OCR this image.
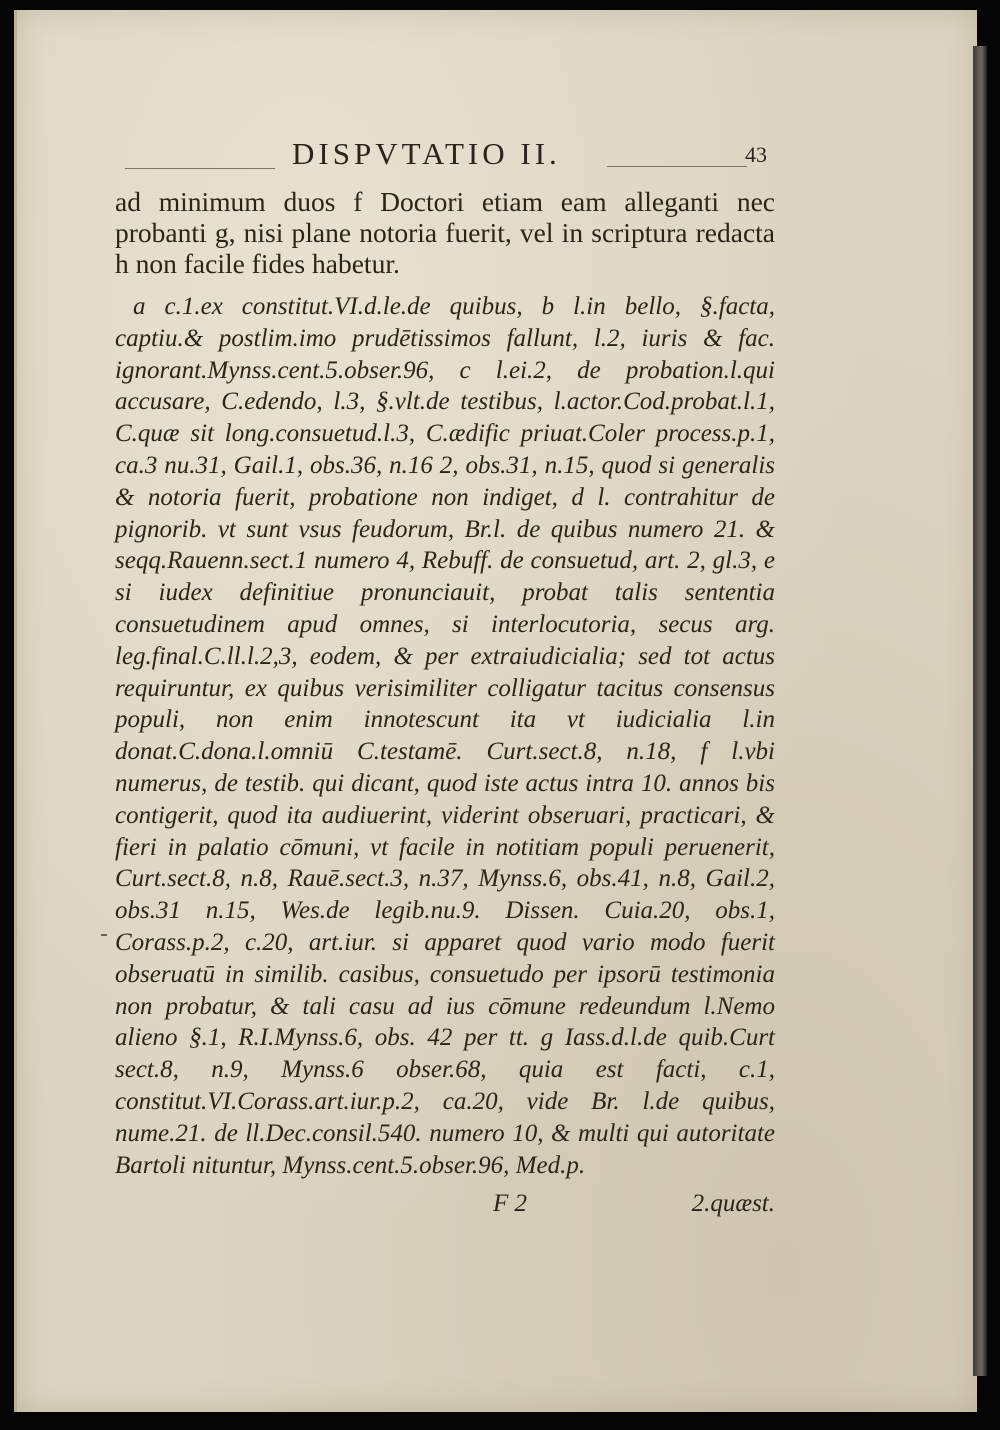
DISPVTATIO II.	43

ad minimum duos f Doctori etiam eam alleganti nec probanti g, nisi plane notoria fuerit, vel in scriptura redacta h non facile fides habetur.

a c.1.ex constitut.VI.d.le.de quibus, b l.in bello, §.facta, captiu.& postlim.imo prudētissimos fallunt, l.2, iuris & fac. ignorant.Mynss.cent.5.obser.96, c l.ei.2, de probation.l.qui accusare, C.edendo, l.3, §.vlt.de testibus, l.actor.Cod.probat.l.1, C.quæ sit long.consuetud.l.3, C.ædific priuat.Coler process.p.1, ca.3 nu.31, Gail.1, obs.36, n.16 2, obs.31, n.15, quod si generalis & notoria fuerit, probatione non indiget, d l. contrahitur de pignorib. vt sunt vsus feudorum, Br.l. de quibus numero 21. & seqq.Rauenn.sect.1 numero 4, Rebuff. de consuetud, art. 2, gl.3, e si iudex definitiue pronunciauit, probat talis sententia consuetudinem apud omnes, si interlocutoria, secus arg. leg.final.C.ll.l.2,3, eodem, & per extraiudicialia; sed tot actus requiruntur, ex quibus verisimiliter colligatur tacitus consensus populi, non enim innotescunt ita vt iudicialia l.in donat.C.dona.l.omniū C.testamē. Curt.sect.8, n.18, f l.vbi numerus, de testib. qui dicant, quod iste actus intra 10. annos bis contigerit, quod ita audiuerint, viderint obseruari, practicari, & fieri in palatio cōmuni, vt facile in notitiam populi peruenerit, Curt.sect.8, n.8, Rauē.sect.3, n.37, Mynss.6, obs.41, n.8, Gail.2, obs.31 n.15, Wes.de legib.nu.9. Dissen. Cuia.20, obs.1, Corass.p.2, c.20, art.iur. si apparet quod vario modo fuerit obseruatū in similib. casibus, consuetudo per ipsorū testimonia non probatur, & tali casu ad ius cōmune redeundum l.Nemo alieno §.1, R.I.Mynss.6, obs. 42 per tt. g Iass.d.l.de quib.Curt sect.8, n.9, Mynss.6 obser.68, quia est facti, c.1, constitut.VI.Corass.art.iur.p.2, ca.20, vide Br. l.de quibus, nume.21. de ll.Dec.consil.540. numero 10, & multi qui autoritate Bartoli nituntur, Mynss.cent.5.obser.96, Med.p.

F 2	2.quæst.
